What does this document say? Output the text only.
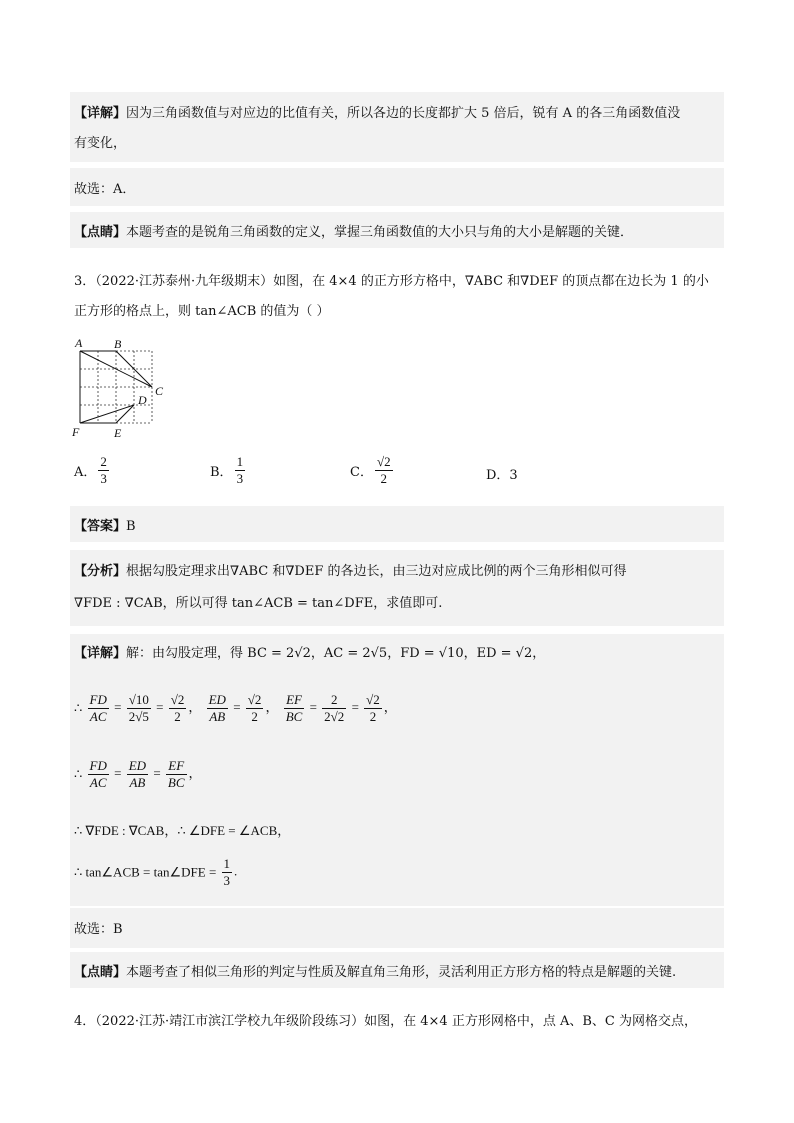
【详解】因为三角函数值与对应边的比值有关，所以各边的长度都扩大 5 倍后，锐有 A 的各三角函数值没
有变化，
故选：A．
【点睛】本题考查的是锐角三角函数的定义，掌握三角函数值的大小只与角的大小是解题的关键．
3．（2022·江苏泰州·九年级期末）如图，在 4×4 的正方形方格中，∇ABC 和∇DEF 的顶点都在边长为 1 的小
正方形的格点上，则 tan∠ACB 的值为（ ）
A	B
C
D
F	E
A． $\frac{2}{3}$	B． $\frac{1}{3}$	C． $\frac{√2}{2}$	D．3
【答案】B
【分析】根据勾股定理求出∇ABC 和∇DEF 的各边长，由三边对应成比例的两个三角形相似可得
∇FDE : ∇CAB，所以可得 tan∠ACB = tan∠DFE，求值即可.
【详解】解：由勾股定理，得 BC = 2√2，AC = 2√5，FD = √10，ED = √2，
∴ $\frac{FD}{AC} = \frac{√10}{2√5} = \frac{√2}{2}$ ， $\frac{ED}{AB} = \frac{√2}{2}$ ， $\frac{EF}{BC} = \frac{2}{2√2} = \frac{√2}{2}$ ，
∴ $\frac{FD}{AC} = \frac{ED}{AB} = \frac{EF}{BC}$ ，
∴ ∇FDE : ∇CAB，∴ ∠DFE = ∠ACB，
∴ tan∠ACB = tan∠DFE = $\frac{1}{3}$ .
故选：B
【点睛】本题考查了相似三角形的判定与性质及解直角三角形，灵活利用正方形方格的特点是解题的关键.
4．（2022·江苏·靖江市滨江学校九年级阶段练习）如图，在 4×4 正方形网格中，点 A、B、C 为网格交点，
